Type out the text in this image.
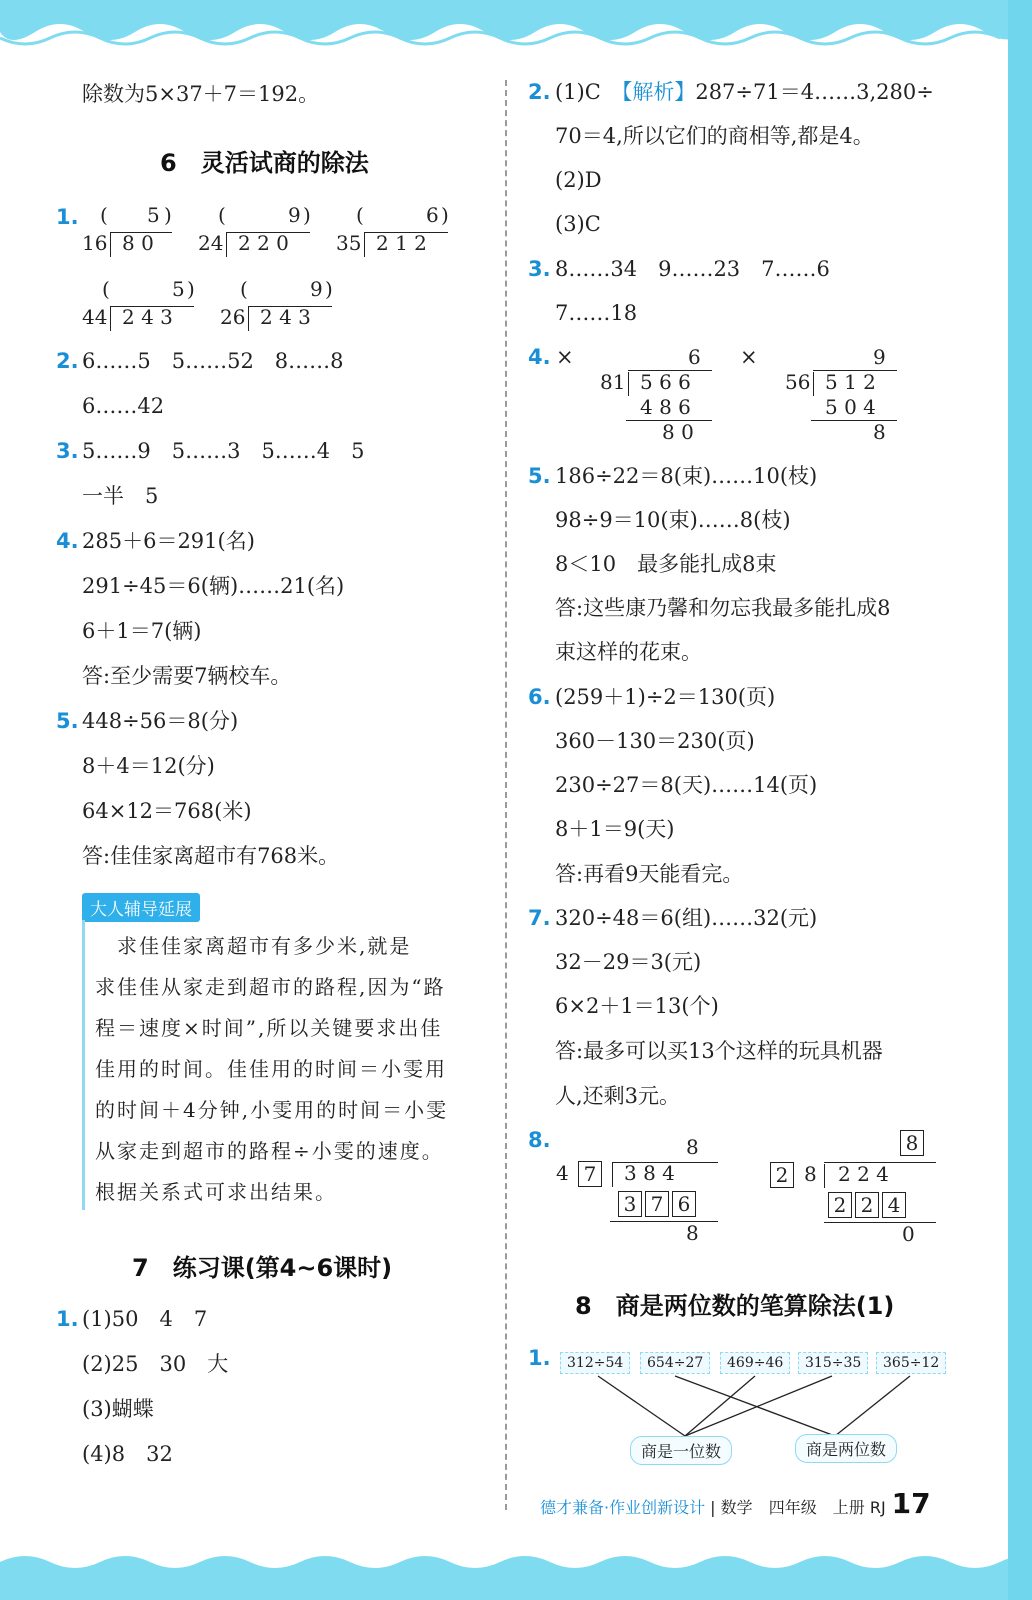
除数为5×37＋7＝192。
6　 灵活试商的除法
1. ( 5 )
16 8 0
(	9 )
24 2 2 0
(	6 )
35 2 1 2
(	5 )
44 2 4 3
(	9 )
26 2 4 3
2. 6……5　5……52　8……8
6……42
3. 5……9　5……3　5……4　5
一半　5
4. 285＋6＝291(名)
291÷45＝6(辆)……21(名)
6＋1＝7(辆)
答:至少需要7辆校车。
5. 448÷56＝8(分)
8＋4＝12(分)
64×12＝768(米)
答:佳佳家离超市有768米。
大人辅导延展
　求佳佳家离超市有多少米,就是
求佳佳从家走到超市的路程,因为“路
程＝速度×时间”,所以关键要求出佳
佳用的时间。佳佳用的时间＝小雯用
的时间＋4分钟,小雯用的时间＝小雯
从家走到超市的路程÷小雯的速度。
根据关系式可求出结果。
7　 练习课(第4~6课时)
1. (1)50　4　7
(2)25　30　大
(3)蝴蝶
(4)8　32
2. (1)C　【解析】287÷71＝4……3,280÷
70＝4,所以它们的商相等,都是4。
(2)D
(3)C
3. 8……34　9……23　7……6
7……18
4. ×	6
81 5 6 6
4 8 6
8 0
×	9
56 5 1 2
5 0 4
8
5. 186÷22＝8(束)……10(枝)
98÷9＝10(束)……8(枝)
8＜10　最多能扎成8束
答:这些康乃馨和勿忘我最多能扎成8
束这样的花束。
6. (259＋1)÷2＝130(页)
360－130＝230(页)
230÷27＝8(天)……14(页)
8＋1＝9(天)
答:再看9天能看完。
7. 320÷48＝6(组)……32(元)
32－29＝3(元)
6×2＋1＝13(个)
答:最多可以买13个这样的玩具机器
人,还剩3元。
8.	8
4 7	3 8 4
3 7 6
8
8
2 8 2 2 4
2 2 4
0
8　 商是两位数的笔算除法(1)
1.	312÷54	654÷27	469÷46	315÷35	365÷12
商是一位数	商是两位数
德才兼备·作业创新设计 | 数学　 四年级　 上册 RJ 17
